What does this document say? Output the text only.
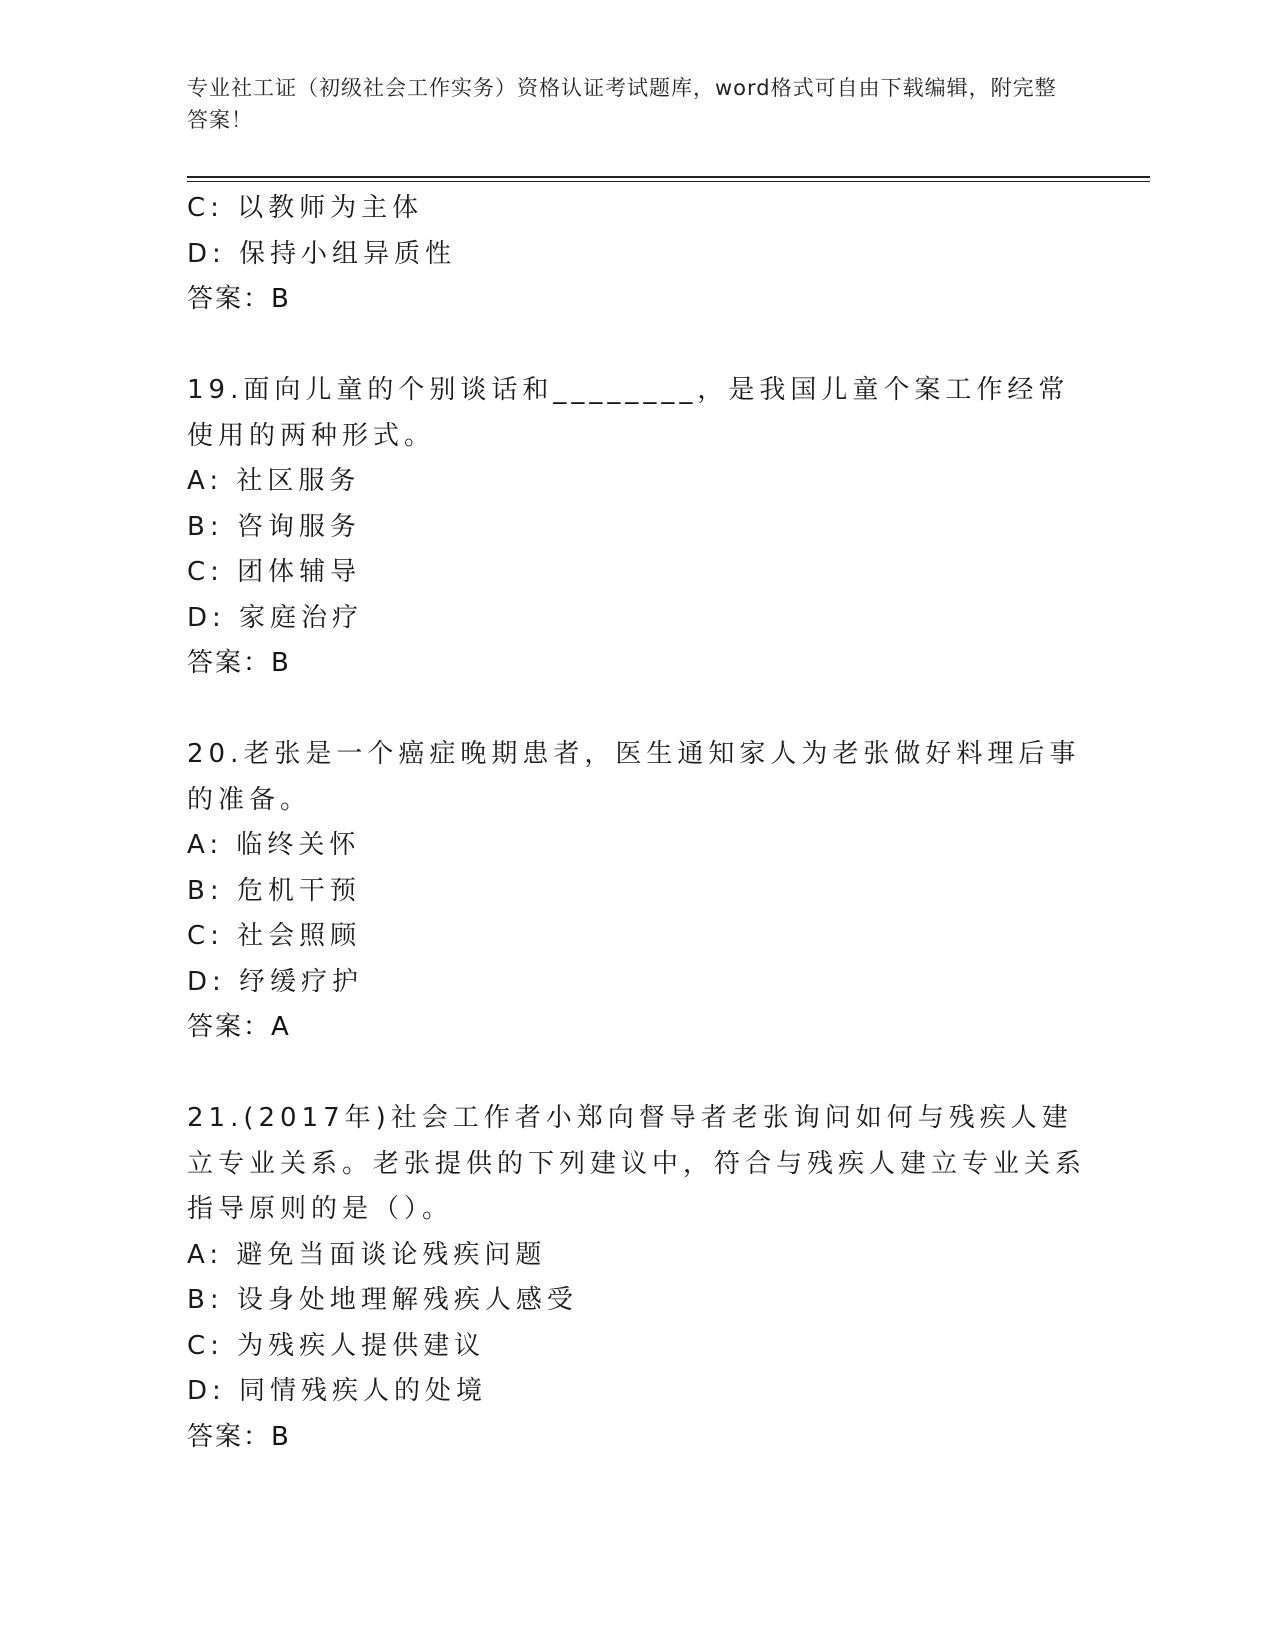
专业社工证（初级社会工作实务）资格认证考试题库，word格式可自由下载编辑，附完整答案！
C: 以教师为主体
D: 保持小组异质性
答案：B
19.面向儿童的个别谈话和________，是我国儿童个案工作经常使用的两种形式。
A: 社区服务
B: 咨询服务
C: 团体辅导
D: 家庭治疗
答案：B
20.老张是一个癌症晚期患者，医生通知家人为老张做好料理后事的准备。
A: 临终关怀
B: 危机干预
C: 社会照顾
D: 纾缓疗护
答案：A
21.(2017年)社会工作者小郑向督导者老张询问如何与残疾人建立专业关系。老张提供的下列建议中，符合与残疾人建立专业关系指导原则的是（）。
A: 避免当面谈论残疾问题
B: 设身处地理解残疾人感受
C: 为残疾人提供建议
D: 同情残疾人的处境
答案：B
